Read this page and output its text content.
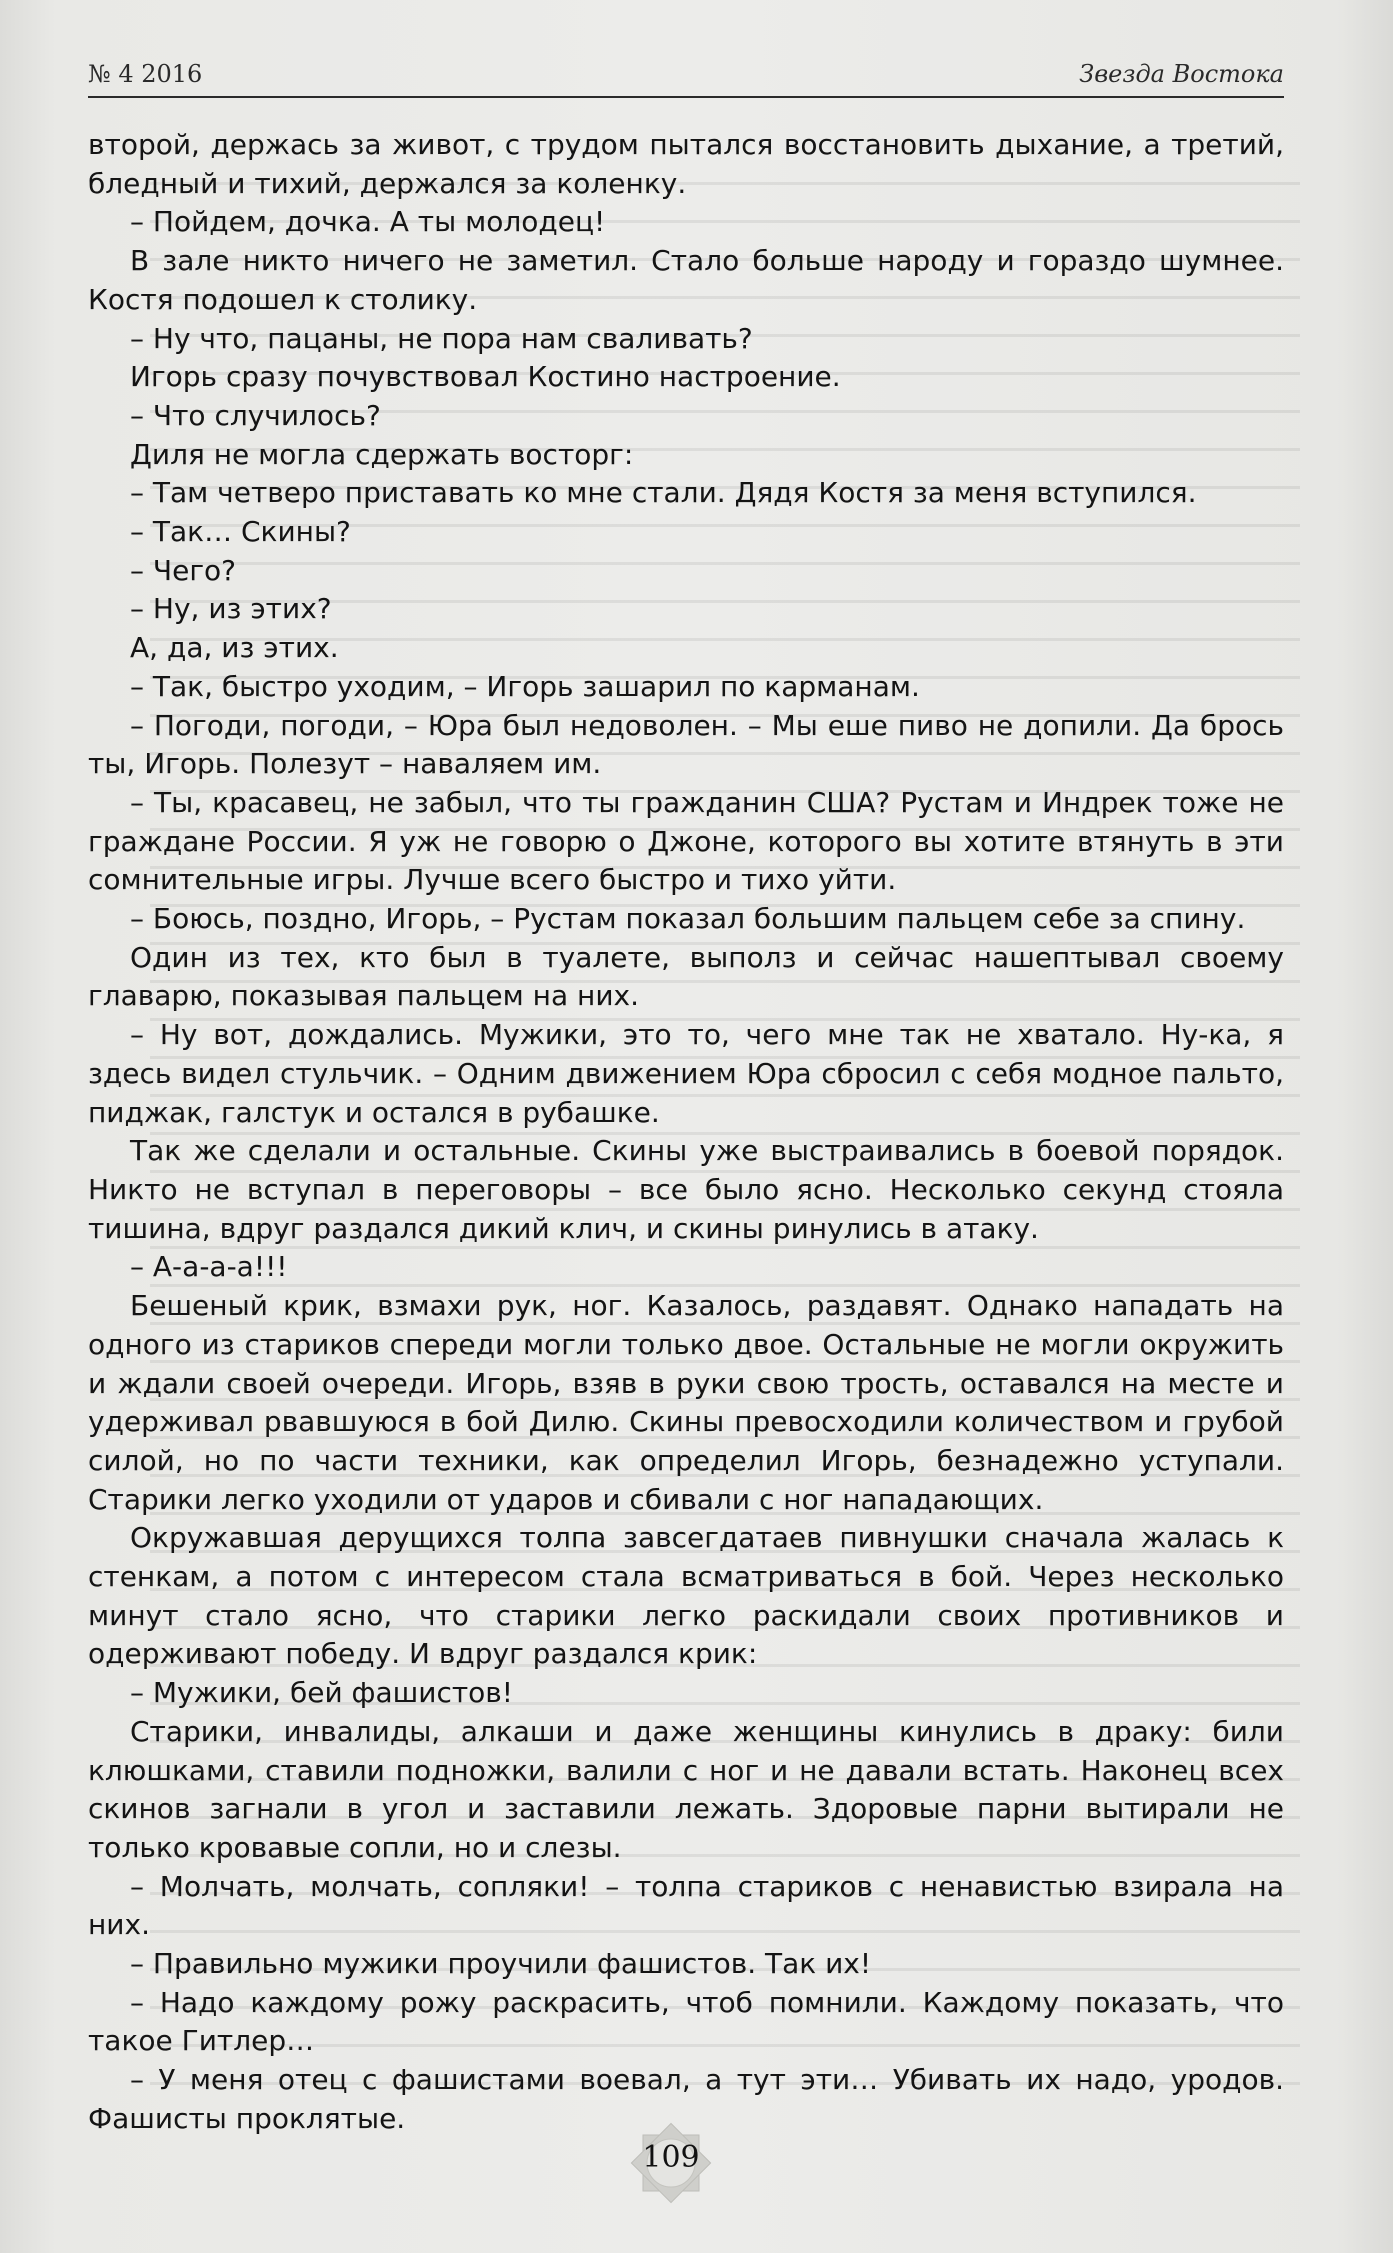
№ 4 2016	Звезда Востока

второй, держась за живот, с трудом пытался восстановить дыхание, а третий, бледный и тихий, держался за коленку.

– Пойдем, дочка. А ты молодец!

В зале никто ничего не заметил. Стало больше народу и гораздо шумнее. Костя подошел к столику.

– Ну что, пацаны, не пора нам сваливать?

Игорь сразу почувствовал Костино настроение.

– Что случилось?

Диля не могла сдержать восторг:

– Там четверо приставать ко мне стали. Дядя Костя за меня вступился.

– Так… Скины?

– Чего?

– Ну, из этих?

А, да, из этих.

– Так, быстро уходим, – Игорь зашарил по карманам.

– Погоди, погоди, – Юра был недоволен. – Мы еше пиво не допили. Да брось ты, Игорь. Полезут – наваляем им.

– Ты, красавец, не забыл, что ты гражданин США? Рустам и Индрек тоже не граждане России. Я уж не говорю о Джоне, которого вы хотите втянуть в эти сомнительные игры. Лучше всего быстро и тихо уйти.

– Боюсь, поздно, Игорь, – Рустам показал большим пальцем себе за спину.

Один из тех, кто был в туалете, выполз и сейчас нашептывал своему главарю, показывая пальцем на них.

– Ну вот, дождались. Мужики, это то, чего мне так не хватало. Ну-ка, я здесь видел стульчик. – Одним движением Юра сбросил с себя модное пальто, пиджак, галстук и остался в рубашке.

Так же сделали и остальные. Скины уже выстраивались в боевой порядок. Никто не вступал в переговоры – все было ясно. Несколько секунд стояла тишина, вдруг раздался дикий клич, и скины ринулись в атаку.

– А-а-а-а!!!

Бешеный крик, взмахи рук, ног. Казалось, раздавят. Однако нападать на одного из стариков спереди могли только двое. Остальные не могли окружить и ждали своей очереди. Игорь, взяв в руки свою трость, оставался на месте и удерживал рвавшуюся в бой Дилю. Скины превосходили количеством и грубой силой, но по части техники, как определил Игорь, безнадежно уступали. Старики легко уходили от ударов и сбивали с ног нападающих.

Окружавшая дерущихся толпа завсегдатаев пивнушки сначала жалась к стенкам, а потом с интересом стала всматриваться в бой. Через несколько минут стало ясно, что старики легко раскидали своих противников и одерживают победу. И вдруг раздался крик:

– Мужики, бей фашистов!

Старики, инвалиды, алкаши и даже женщины кинулись в драку: били клюшками, ставили подножки, валили с ног и не давали встать. Наконец всех скинов загнали в угол и заставили лежать. Здоровые парни вытирали не только кровавые сопли, но и слезы.

– Молчать, молчать, сопляки! – толпа стариков с ненавистью взирала на них.

– Правильно мужики проучили фашистов. Так их!

– Надо каждому рожу раскрасить, чтоб помнили. Каждому показать, что такое Гитлер…

– У меня отец с фашистами воевал, а тут эти… Убивать их надо, уродов. Фашисты проклятые.

109
